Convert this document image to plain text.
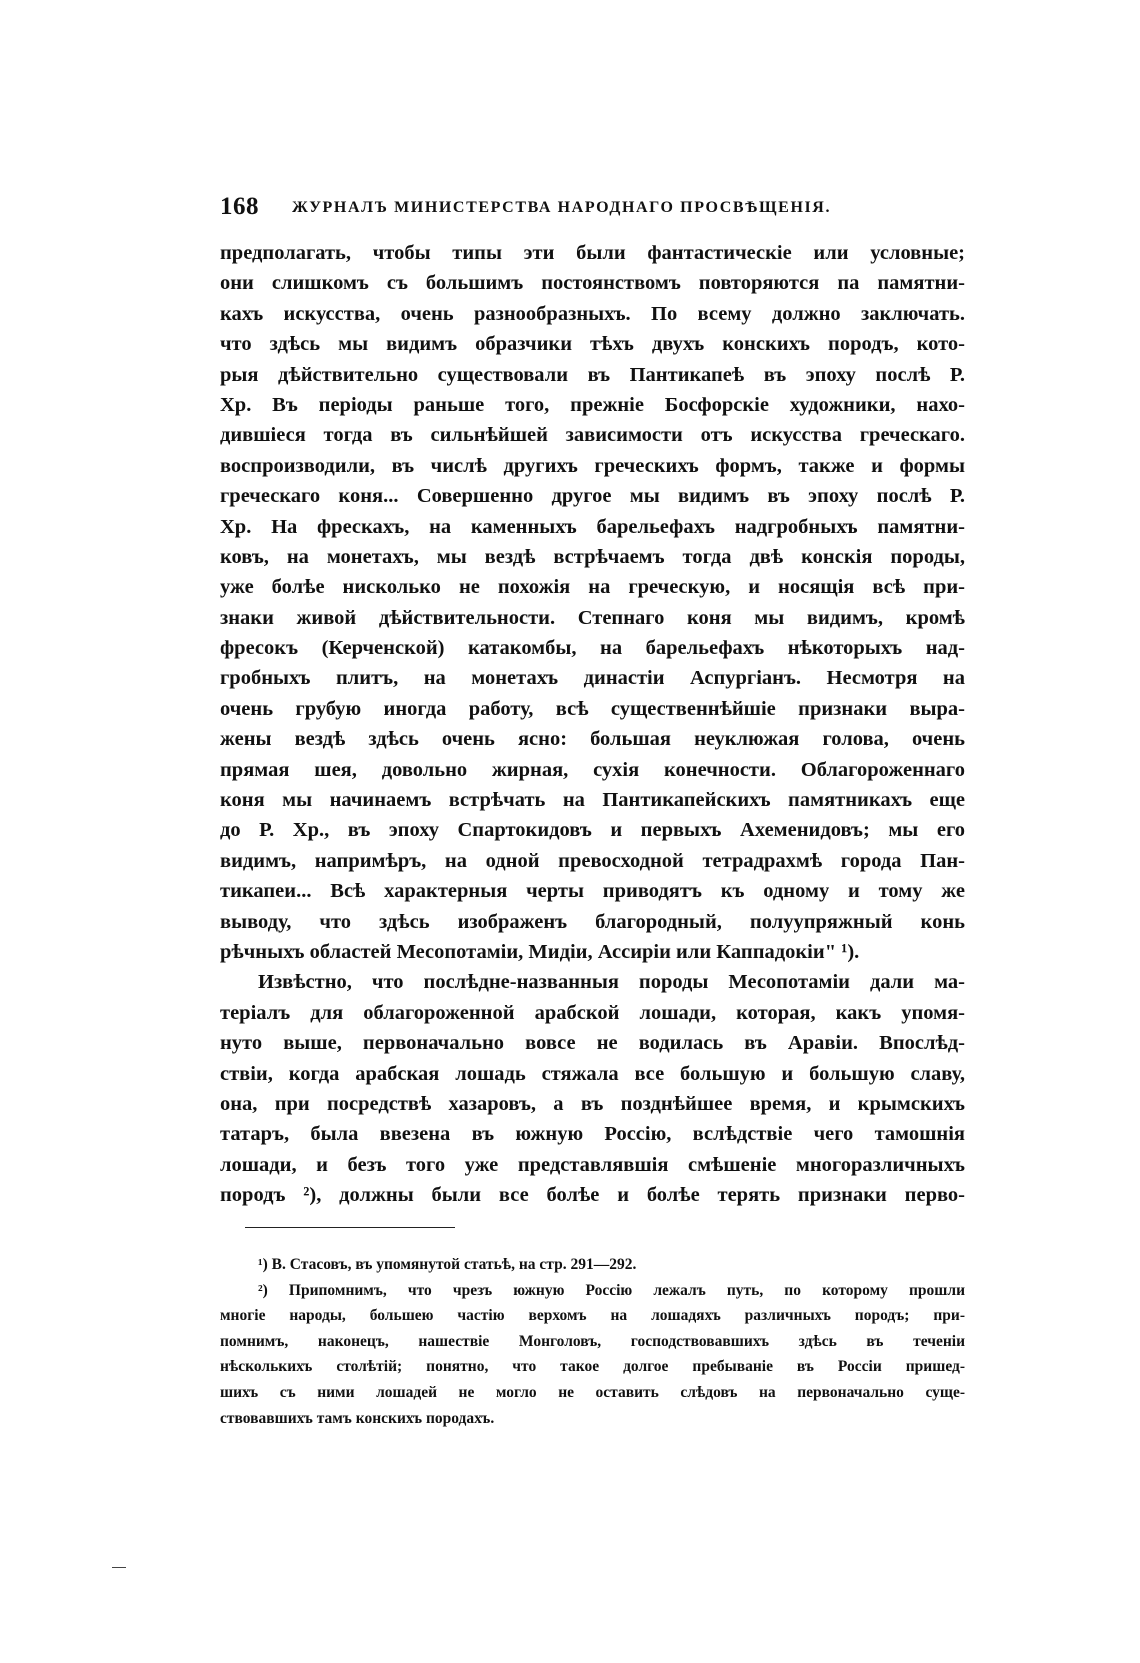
168 ЖУРНАЛЪ МИНИСТЕРСТВА НАРОДНАГО ПРОСВѢЩЕНІЯ.
предполагать, чтобы типы эти были фантастическіе или условные;
они слишкомъ съ большимъ постоянствомъ повторяются па памятни-
кахъ искусства, очень разнообразныхъ. По всему должно заключать.
что здѣсь мы видимъ образчики тѣхъ двухъ конскихъ породъ, кото-
рыя дѣйствительно существовали въ Пантикапеѣ въ эпоху послѣ Р.
Хр. Въ періоды раньше того, прежніе Босфорскіе художники, нахо-
дившіеся тогда въ сильнѣйшей зависимости отъ искусства греческаго.
воспроизводили, въ числѣ другихъ греческихъ формъ, также и формы
греческаго коня... Совершенно другое мы видимъ въ эпоху послѣ Р.
Хр. На фрескахъ, на каменныхъ барельефахъ надгробныхъ памятни-
ковъ, на монетахъ, мы вездѣ встрѣчаемъ тогда двѣ конскія породы,
уже болѣе нисколько не похожія на греческую, и носящія всѣ при-
знаки живой дѣйствительности. Степнаго коня мы видимъ, кромѣ
фресокъ (Керченской) катакомбы, на барельефахъ нѣкоторыхъ над-
гробныхъ плитъ, на монетахъ династіи Аспургіанъ. Несмотря на
очень грубую иногда работу, всѣ существеннѣйшіе признаки выра-
жены вездѣ здѣсь очень ясно: большая неуклюжая голова, очень
прямая шея, довольно жирная, сухія конечности. Облагороженнаго
коня мы начинаемъ встрѣчать на Пантикапейскихъ памятникахъ еще
до Р. Хр., въ эпоху Спартокидовъ и первыхъ Ахеменидовъ; мы его
видимъ, напримѣръ, на одной превосходной тетрадрахмѣ города Пан-
тикапеи... Всѣ характерныя черты приводятъ къ одному и тому же
выводу, что здѣсь изображенъ благородный, полуупряжный конь
рѣчныхъ областей Месопотаміи, Мидіи, Ассиріи или Каппадокіи" ¹).
Извѣстно, что послѣдне-названныя породы Месопотаміи дали ма-
теріалъ для облагороженной арабской лошади, которая, какъ упомя-
нуто выше, первоначально вовсе не водилась въ Аравіи. Впослѣд-
ствіи, когда арабская лошадь стяжала все большую и большую славу,
она, при посредствѣ хазаровъ, а въ позднѣйшее время, и крымскихъ
татаръ, была ввезена въ южную Россію, вслѣдствіе чего тамошнія
лошади, и безъ того уже представлявшія смѣшеніе многоразличныхъ
породъ ²), должны были все болѣе и болѣе терять признаки перво-
¹) В. Стасовъ, въ упомянутой статьѣ, на стр. 291—292.
²) Припомнимъ, что чрезъ южную Россію лежалъ путь, по которому прошли
многіе народы, большею частію верхомъ на лошадяхъ различныхъ породъ; при-
помнимъ, наконецъ, нашествіе Монголовъ, господствовавшихъ здѣсь въ теченіи
нѣсколькихъ столѣтій; понятно, что такое долгое пребываніе въ Россіи пришед-
шихъ съ ними лошадей не могло не оставить слѣдовъ на первоначально суще-
ствовавшихъ тамъ конскихъ породахъ.
